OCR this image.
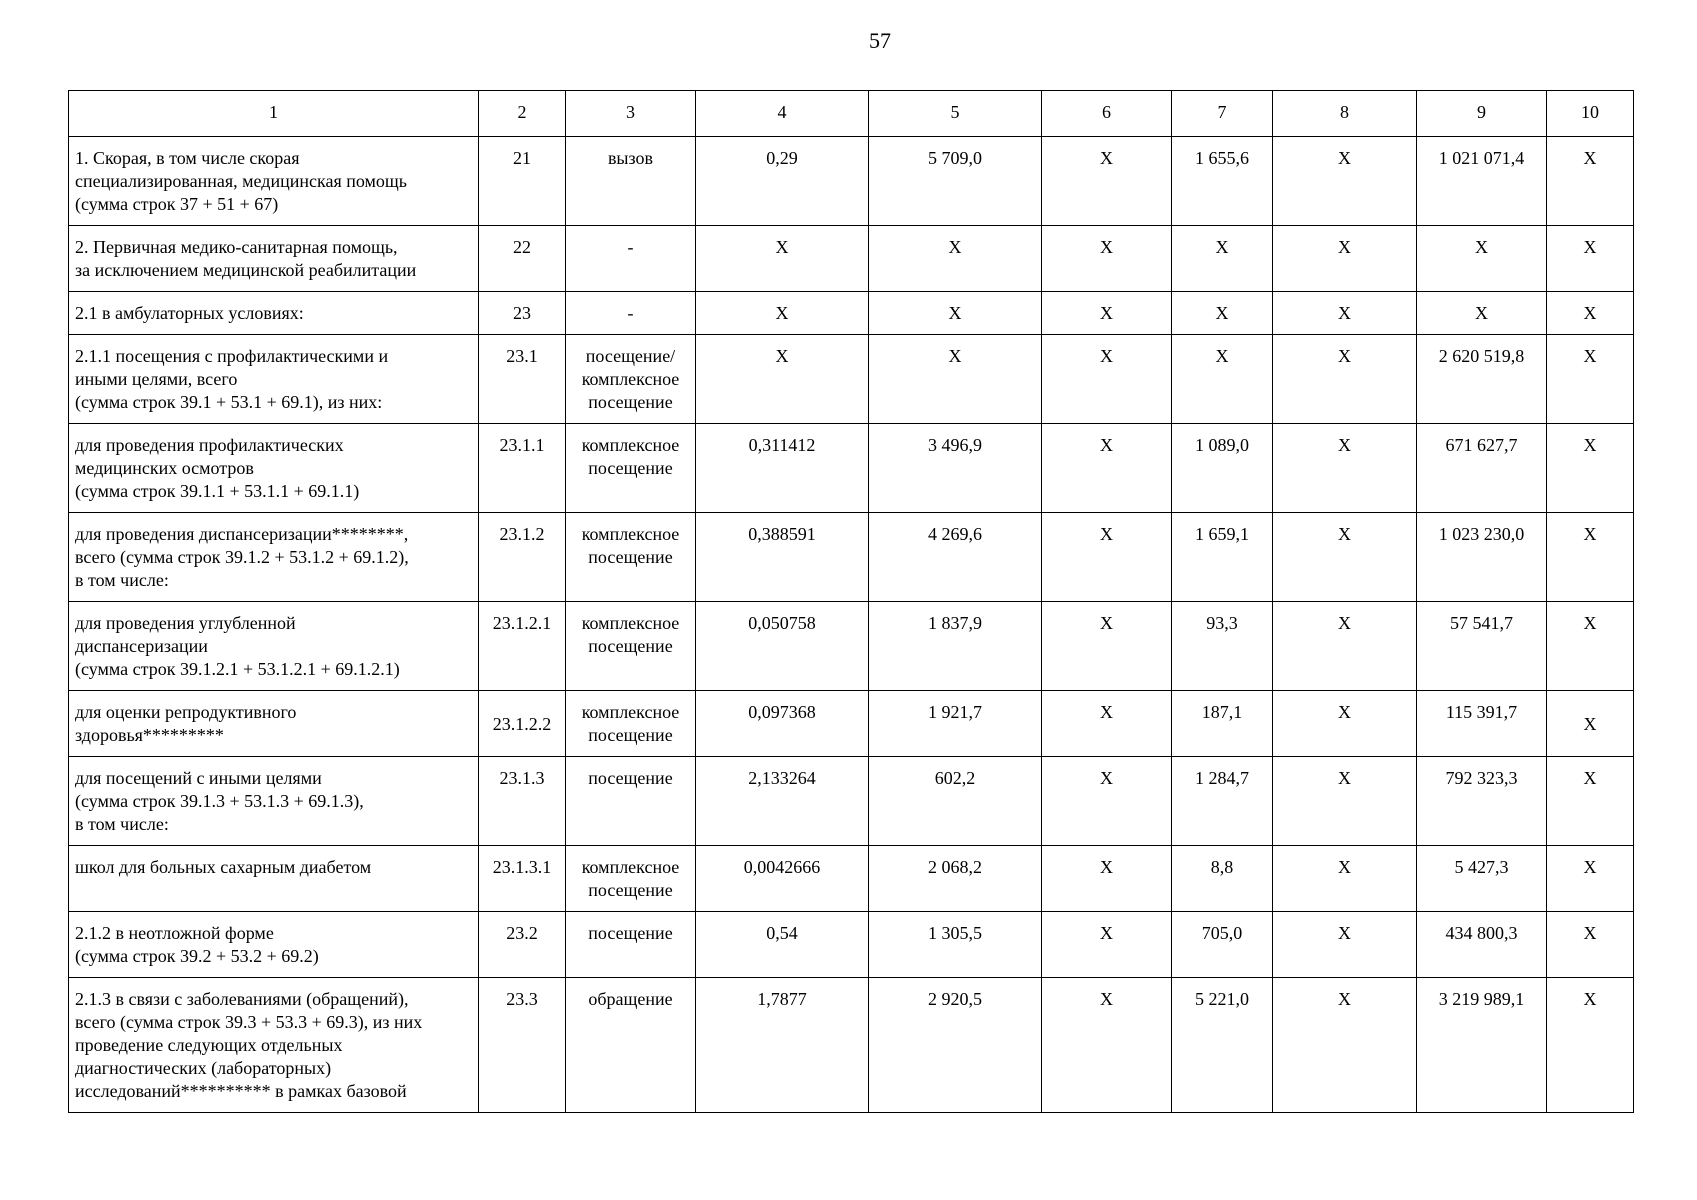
57
1	2	3	4	5	6	7	8	9	10
1. Скорая, в том числе скорая
специализированная, медицинская помощь
(сумма строк 37 + 51 + 67)	21	вызов	0,29	5 709,0	Х	1 655,6	Х	1 021 071,4	Х
2. Первичная медико-санитарная помощь,
за исключением медицинской реабилитации	22	-	Х	Х	Х	Х	Х	Х	Х
2.1 в амбулаторных условиях:	23	-	Х	Х	Х	Х	Х	Х	Х
2.1.1 посещения с профилактическими и
иными целями, всего
(сумма строк 39.1 + 53.1 + 69.1), из них:	23.1	посещение/
комплексное
посещение	Х	Х	Х	Х	Х	2 620 519,8	Х
для проведения профилактических
медицинских осмотров
(сумма строк 39.1.1 + 53.1.1 + 69.1.1)	23.1.1	комплексное
посещение	0,311412	3 496,9	Х	1 089,0	Х	671 627,7	Х
для проведения диспансеризации********,
всего (сумма строк 39.1.2 + 53.1.2 + 69.1.2),
в том числе:	23.1.2	комплексное
посещение	0,388591	4 269,6	Х	1 659,1	Х	1 023 230,0	Х
для проведения углубленной
диспансеризации
(сумма строк 39.1.2.1 + 53.1.2.1 + 69.1.2.1)	23.1.2.1	комплексное
посещение	0,050758	1 837,9	Х	93,3	Х	57 541,7	Х
для оценки репродуктивного
здоровья*********	23.1.2.2	комплексное
посещение	0,097368	1 921,7	Х	187,1	Х	115 391,7	Х
для посещений с иными целями
(сумма строк 39.1.3 + 53.1.3 + 69.1.3),
в том числе:	23.1.3	посещение	2,133264	602,2	Х	1 284,7	Х	792 323,3	Х
школ для больных сахарным диабетом	23.1.3.1	комплексное
посещение	0,0042666	2 068,2	Х	8,8	Х	5 427,3	Х
2.1.2 в неотложной форме
(сумма строк 39.2 + 53.2 + 69.2)	23.2	посещение	0,54	1 305,5	Х	705,0	Х	434 800,3	Х
2.1.3 в связи с заболеваниями (обращений),
всего (сумма строк 39.3 + 53.3 + 69.3), из них
проведение следующих отдельных
диагностических (лабораторных)
исследований********** в рамках базовой	23.3	обращение	1,7877	2 920,5	Х	5 221,0	Х	3 219 989,1	Х
